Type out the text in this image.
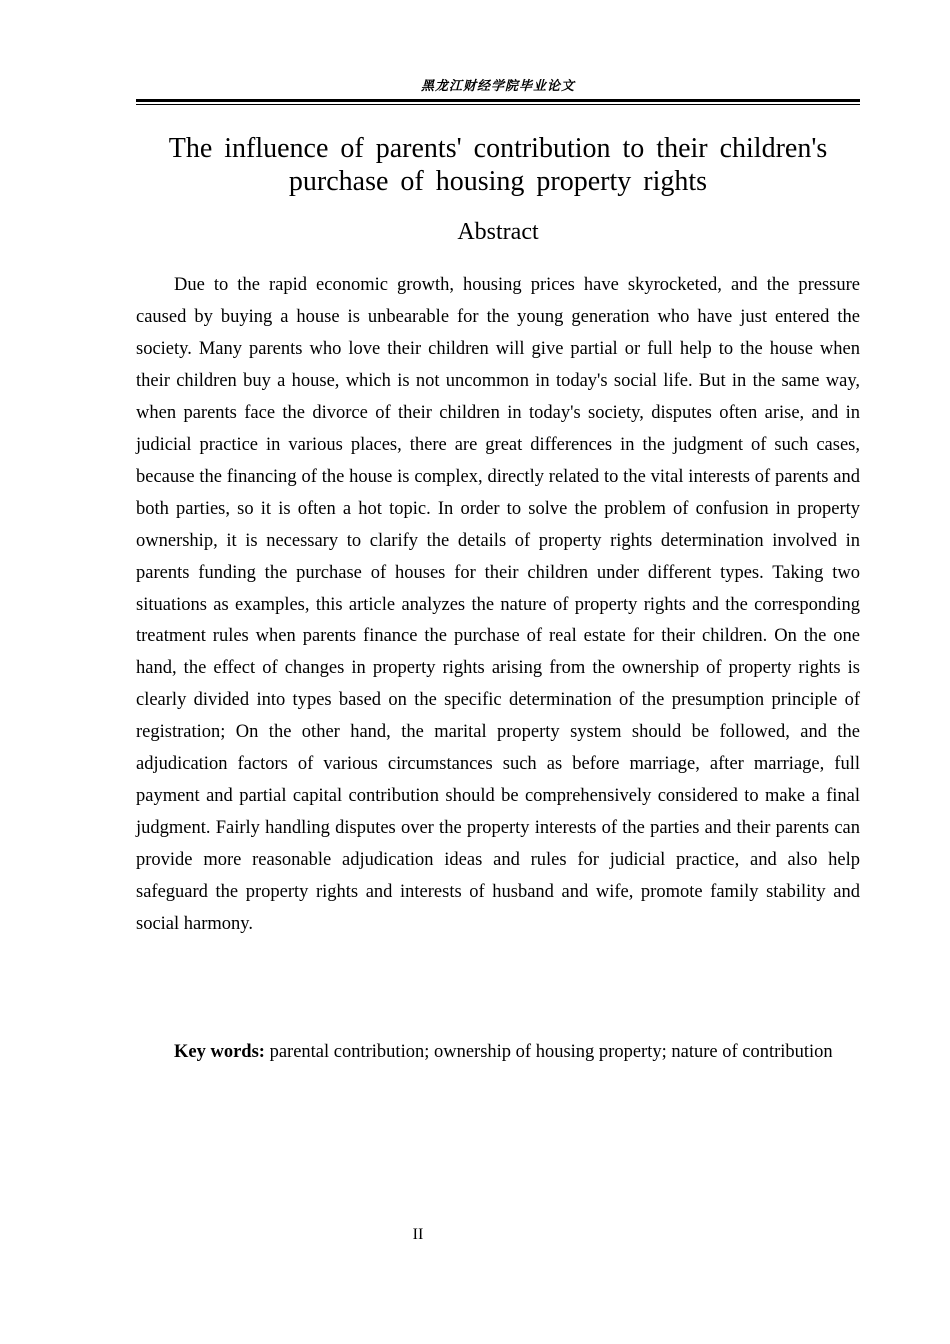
黑龙江财经学院毕业论文
The influence of parents' contribution to their children's purchase of housing property rights
Abstract

Due to the rapid economic growth, housing prices have skyrocketed, and the pressure caused by buying a house is unbearable for the young generation who have just entered the society. Many parents who love their children will give partial or full help to the house when their children buy a house, which is not uncommon in today's social life. But in the same way, when parents face the divorce of their children in today's society, disputes often arise, and in judicial practice in various places, there are great differences in the judgment of such cases, because the financing of the house is complex, directly related to the vital interests of parents and both parties, so it is often a hot topic. In order to solve the problem of confusion in property ownership, it is necessary to clarify the details of property rights determination involved in parents funding the purchase of houses for their children under different types. Taking two situations as examples, this article analyzes the nature of property rights and the corresponding treatment rules when parents finance the purchase of real estate for their children. On the one hand, the effect of changes in property rights arising from the ownership of property rights is clearly divided into types based on the specific determination of the presumption principle of registration; On the other hand, the marital property system should be followed, and the adjudication factors of various circumstances such as before marriage, after marriage, full payment and partial capital contribution should be comprehensively considered to make a final judgment. Fairly handling disputes over the property interests of the parties and their parents can provide more reasonable adjudication ideas and rules for judicial practice, and also help safeguard the property rights and interests of husband and wife, promote family stability and social harmony.

Key words: parental contribution; ownership of housing property; nature of contribution

II
